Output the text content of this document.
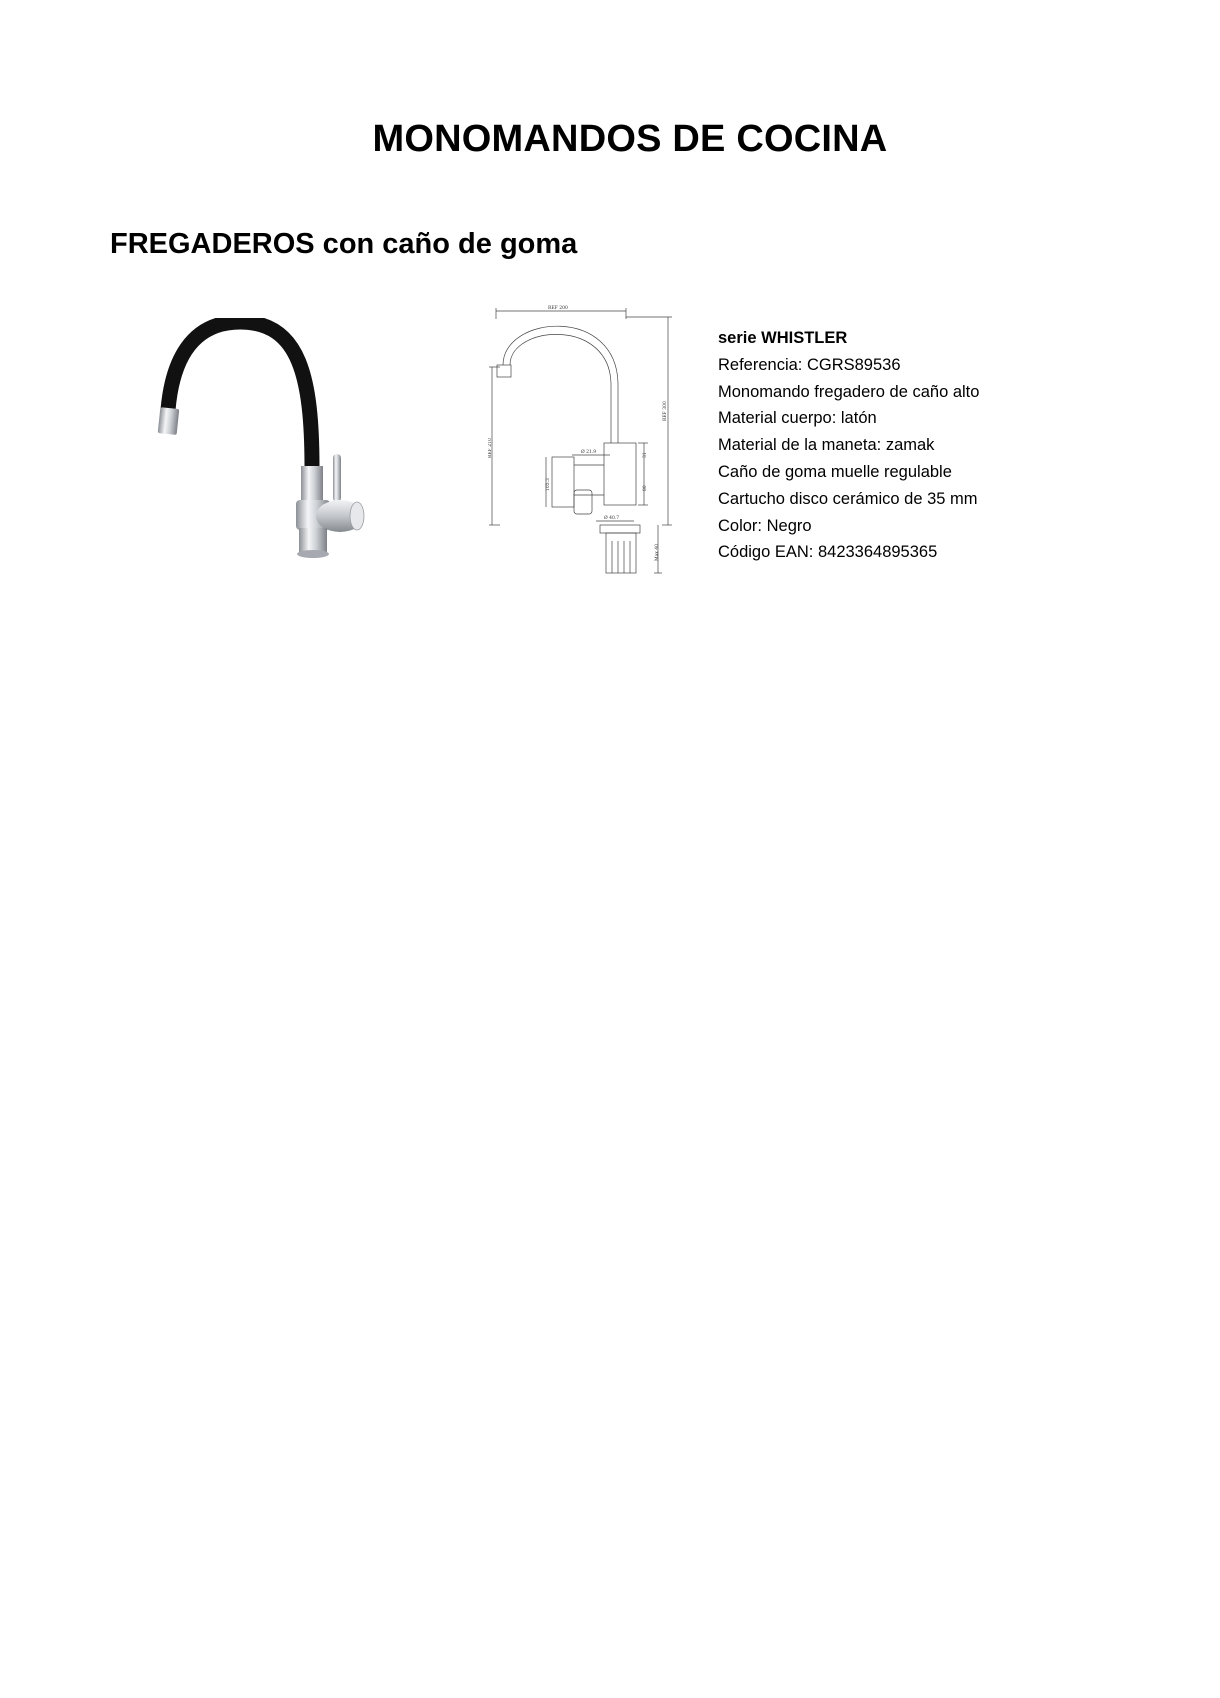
MONOMANDOS DE COCINA
FREGADEROS con caño de goma
REF 200
REF 210
REF 300
Ø 21.9
105.3
Ø 40.7
31
80
Max 40
serie WHISTLER
Referencia: CGRS89536
Monomando fregadero de caño alto
Material cuerpo: latón
Material de la maneta: zamak
Caño de goma muelle regulable
Cartucho disco cerámico de 35 mm
Color: Negro
Código EAN: 8423364895365
